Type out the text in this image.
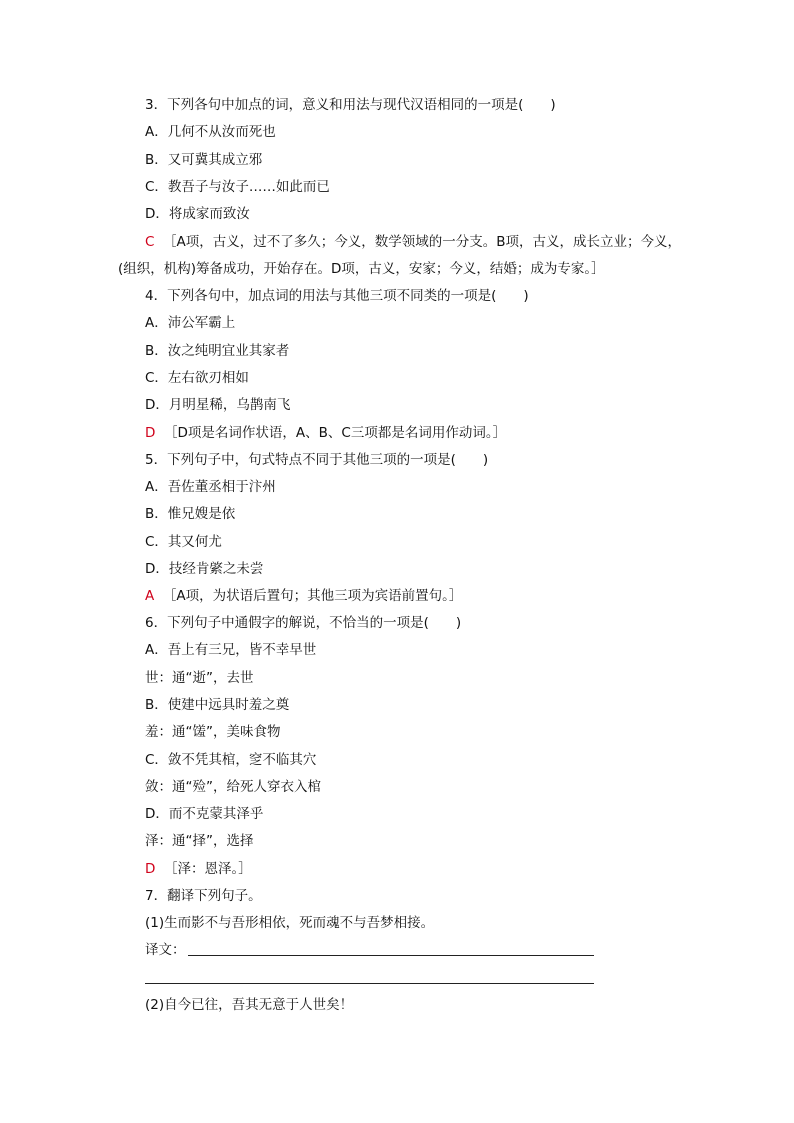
3．下列各句中加点的词，意义和用法与现代汉语相同的一项是(　　)
A．几何不从汝而死也
B．又可冀其成立邪
C．教吾子与汝子……如此而已
D．将成家而致汝
C ［A项，古义，过不了多久；今义，数学领域的一分支。B项，古义，成长立业；今义，
(组织，机构)筹备成功，开始存在。D项，古义，安家；今义，结婚；成为专家。］
4．下列各句中，加点词的用法与其他三项不同类的一项是(　　)
A．沛公军霸上
B．汝之纯明宜业其家者
C．左右欲刃相如
D．月明星稀，乌鹊南飞
D ［D项是名词作状语，A、B、C三项都是名词用作动词。］
5．下列句子中，句式特点不同于其他三项的一项是(　　)
A．吾佐董丞相于汴州
B．惟兄嫂是依
C．其又何尤
D．技经肯綮之未尝
A ［A项，为状语后置句；其他三项为宾语前置句。］
6．下列句子中通假字的解说，不恰当的一项是(　　)
A．吾上有三兄，皆不幸早世
世：通“逝”，去世
B．使建中远具时羞之奠
羞：通“馐”，美味食物
C．敛不凭其棺，窆不临其穴
敛：通“殓”，给死人穿衣入棺
D．而不克蒙其泽乎
泽：通“择”，选择
D ［泽：恩泽。］
7．翻译下列句子。
(1)生而影不与吾形相依，死而魂不与吾梦相接。
译文：
(2)自今已往，吾其无意于人世矣！
